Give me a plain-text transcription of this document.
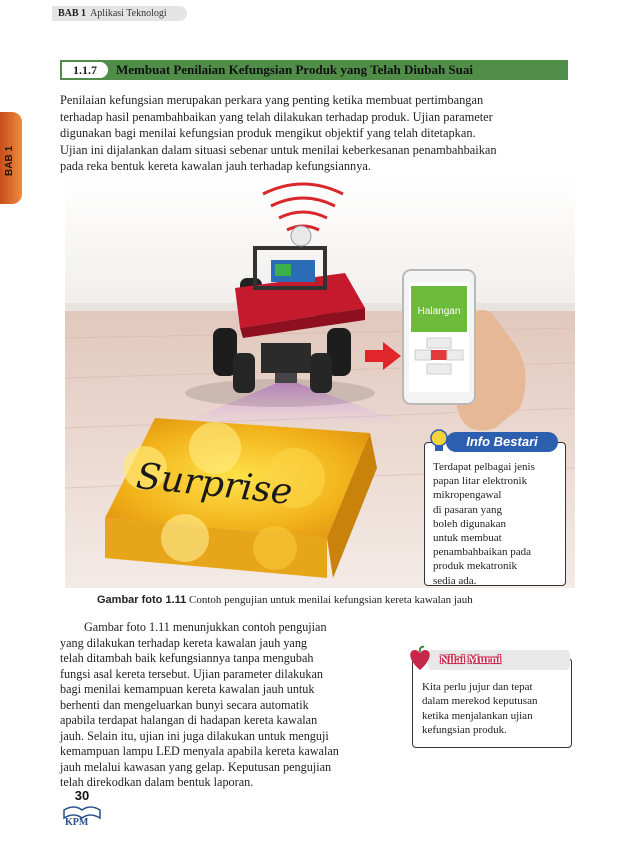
BAB 1 Aplikasi Teknologi
BAB 1
1.1.7	Membuat Penilaian Kefungsian Produk yang Telah Diubah Suai
Penilaian kefungsian merupakan perkara yang penting ketika membuat pertimbangan
terhadap hasil penambahbaikan yang telah dilakukan terhadap produk. Ujian parameter
digunakan bagi menilai kefungsian produk mengikut objektif yang telah ditetapkan.
Ujian ini dijalankan dalam situasi sebenar untuk menilai keberkesanan penambahbaikan
pada reka bentuk kereta kawalan jauh terhadap kefungsiannya.
Surprise
Halangan
Info Bestari
Terdapat pelbagai jenis
papan litar elektronik
mikropengawal
di pasaran yang
boleh digunakan
untuk membuat
penambahbaikan pada
produk mekatronik
sedia ada.
Gambar foto 1.11 Contoh pengujian untuk menilai kefungsian kereta kawalan jauh
Gambar foto 1.11 menunjukkan contoh pengujian
yang dilakukan terhadap kereta kawalan jauh yang
telah ditambah baik kefungsiannya tanpa mengubah
fungsi asal kereta tersebut. Ujian parameter dilakukan
bagi menilai kemampuan kereta kawalan jauh untuk
berhenti dan mengeluarkan bunyi secara automatik
apabila terdapat halangan di hadapan kereta kawalan
jauh. Selain itu, ujian ini juga dilakukan untuk menguji
kemampuan lampu LED menyala apabila kereta kawalan
jauh melalui kawasan yang gelap. Keputusan pengujian
telah direkodkan dalam bentuk laporan.
Nilai Murni
Kita perlu jujur dan tepat
dalam merekod keputusan
ketika menjalankan ujian
kefungsian produk.
30
KPM
